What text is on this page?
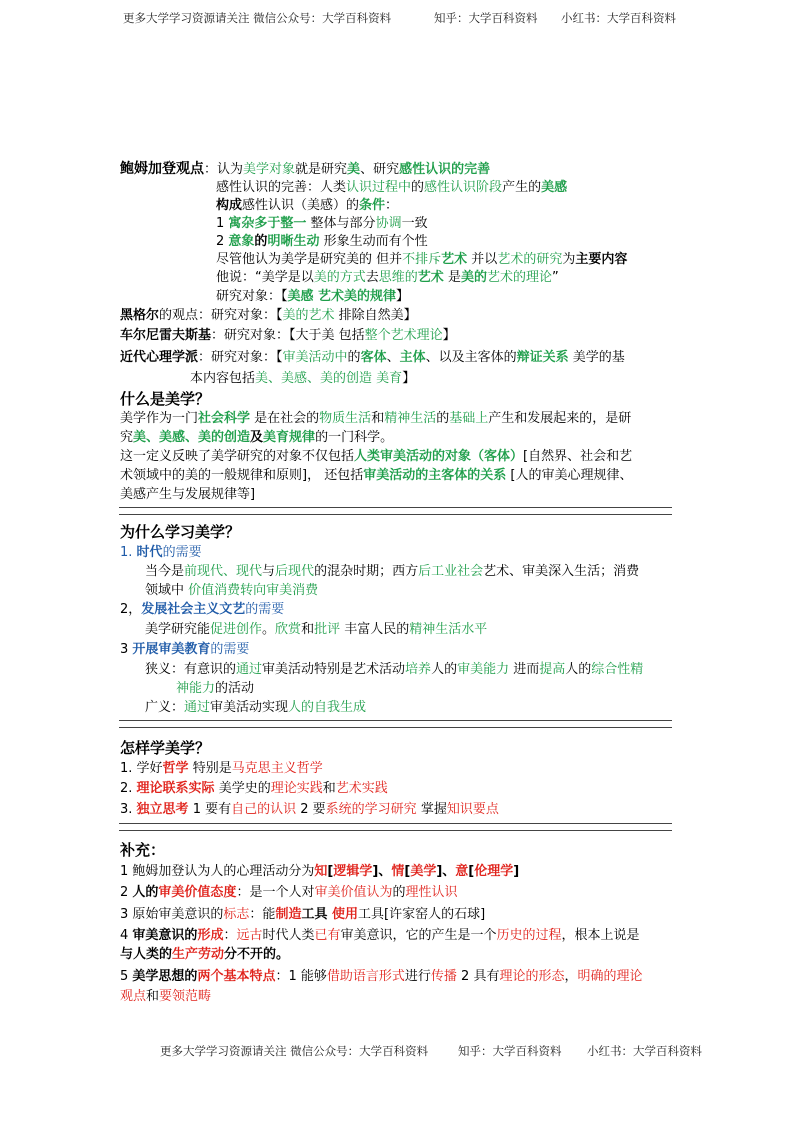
更多大学学习资源请关注 微信公众号：大学百科资料	知乎：大学百科资料 小红书：大学百科资料
鲍姆加登观点：认为美学对象就是研究美、研究感性认识的完善
感性认识的完善：人类认识过程中的感性认识阶段产生的美感
构成感性认识（美感）的条件：
1 寓杂多于整一 整体与部分协调一致
2 意象的明晰生动 形象生动而有个性
尽管他认为美学是研究美的 但并不排斥艺术 并以艺术的研究为主要内容
他说：“美学是以美的方式去思维的艺术 是美的艺术的理论”
研究对象：【美感 艺术美的规律】
黑格尔的观点：研究对象：【美的艺术 排除自然美】
车尔尼雷夫斯基：研究对象：【大于美 包括整个艺术理论】
近代心理学派：研究对象：【审美活动中的客体、主体、以及主客体的辩证关系 美学的基
本内容包括美、美感、美的创造 美育】
什么是美学？
美学作为一门社会科学 是在社会的物质生活和精神生活的基础上产生和发展起来的，是研
究美、美感、美的创造及美育规律的一门科学。
这一定义反映了美学研究的对象不仅包括人类审美活动的对象（客体）[自然界、社会和艺
术领域中的美的一般规律和原则]， 还包括审美活动的主客体的关系 [人的审美心理规律、
美感产生与发展规律等]
为什么学习美学？
1. 时代的需要
当今是前现代、现代与后现代的混杂时期；西方后工业社会艺术、审美深入生活；消费
领域中 价值消费转向审美消费
2，发展社会主义文艺的需要
美学研究能促进创作。欣赏和批评 丰富人民的精神生活水平
3 开展审美教育的需要
狭义：有意识的通过审美活动特别是艺术活动培养人的审美能力 进而提高人的综合性精
神能力的活动
广义：通过审美活动实现人的自我生成
怎样学美学？
1. 学好哲学 特别是马克思主义哲学
2. 理论联系实际 美学史的理论实践和艺术实践
3. 独立思考 1 要有自己的认识 2 要系统的学习研究 掌握知识要点
补充：
1 鲍姆加登认为人的心理活动分为知[逻辑学]、情[美学]、意[伦理学]
2 人的审美价值态度：是一个人对审美价值认为的理性认识
3 原始审美意识的标志：能制造工具 使用工具[许家窑人的石球]
4 审美意识的形成：远古时代人类已有审美意识，它的产生是一个历史的过程，根本上说是
与人类的生产劳动分不开的。
5 美学思想的两个基本特点：1 能够借助语言形式进行传播 2 具有理论的形态，明确的理论
观点和要领范畴
更多大学学习资源请关注 微信公众号：大学百科资料	知乎：大学百科资料 小红书：大学百科资料
